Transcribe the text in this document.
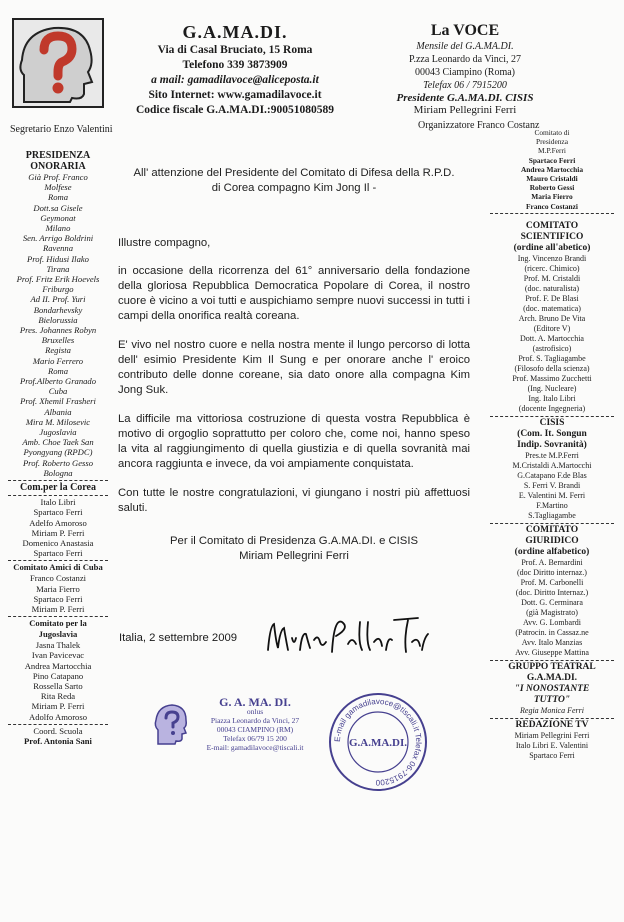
G.A.MA.DI.
Via di Casal Bruciato, 15 Roma
Telefono 339 3873909
a mail: gamadilavoce@aliceposta.it
Sito Internet: www.gamadilavoce.it
Codice fiscale G.A.MA.DI.:90051080589
La VOCE
Mensile del G.A.MA.DI.
P.zza Leonardo da Vinci, 27
00043 Ciampino (Roma)
Telefax 06 / 7915200
Presidente G.A.MA.DI. CISIS
Miriam Pellegrini Ferri
Segretario Enzo Valentini	Organizzatore Franco Costanz
PRESIDENZA
ONORARIA
Già Prof. Franco
Molfese
Roma
Dott.sa Gisele
Geymonat
Milano
Sen. Arrigo Boldrini
Ravenna
Prof. Hidusi Ilako
Tirana
Prof. Fritz Erik Hoevels
Friburgo
Ad II. Prof. Yuri
Bondarhevsky
Bielorussia
Pres. Johannes Robyn
Bruxelles
Regista
Mario Ferrero
Roma
Prof.Alberto Granado
Cuba
Prof. Xhemil Frasheri
Albania
Mira M. Milosevic
Jugoslavia
Amb. Choe Taek San
Pyongyang (RPDC)
Prof. Roberto Gesso
Bologna
Com.per la Corea
Italo Libri
Spartaco Ferri
Adelfo Amoroso
Miriam P. Ferri
Domenico Anastasia
Spartaco Ferri
Comitato Amici di Cuba
Franco Costanzi
Maria Fierro
Spartaco Ferri
Miriam P. Ferri
Comitato per la
Jugoslavia
Jasna Thalek
Ivan Pavicevac
Andrea Martocchia
Pino Catapano
Rossella Sarto
Rita Reda
Miriam P. Ferri
Adolfo Amoroso
Coord. Scuola
Prof. Antonia Sani
Comitato di
Presidenza
M.P.Ferri
Spartaco Ferri
Andrea Martocchia
Mauro Cristaldi
Roberto Gessi
Maria Fierro
Franco Costanzi
COMITATO
SCIENTIFICO
(ordine all'abetico)
Ing. Vincenzo Brandi
(ricerc. Chimico)
Prof. M. Cristaldi
(doc. naturalista)
Prof. F. De Blasi
(doc. matematica)
Arch. Bruno De Vita
(Editore V)
Dott. A. Martocchia
(astrofisico)
Prof. S. Tagliagambe
(Filosofo della scienza)
Prof. Massimo Zucchetti
(Ing. Nucleare)
Ing. Italo Libri
(docente Ingegneria)
CISIS
(Com. It. Songun
Indip. Sovranità)
Pres.te M.P.Ferri
M.Cristaldi A.Martocchi
G.Catapano F.de Blas
S. Ferri V. Brandi
E. Valentini M. Ferri
F.Martino
S.Tagliagambe
COMITATO
GIURIDICO
(ordine alfabetico)
Prof. A. Bernardini
(doc Diritto internaz.)
Prof. M. Carbonelli
(doc. Diritto Internaz.)
Dott. G. Cerminara
(già Magistrato)
Avv. G. Lombardi
(Patrocin. in Cassaz.ne
Avv. Italo Manzias
Avv. Giuseppe Mattina
GRUPPO TEATRAL
G.A.MA.DI.
"I NONOSTANTE
TUTTO"
Regia Monica Ferri
REDAZIONE TV
Miriam Pellegrini Ferri
Italo Libri E. Valentini
Spartaco Ferri
All' attenzione del Presidente del Comitato di Difesa della R.P.D.
di Corea compagno Kim Jong Il -
Illustre compagno,
in occasione della ricorrenza del 61° anniversario della fondazione della gloriosa Repubblica Democratica Popolare di Corea, il nostro cuore è vicino a voi tutti e auspichiamo sempre nuovi successi in tutti i campi della onorifica realtà coreana.
E' vivo nel nostro cuore e nella nostra mente il lungo percorso di lotta dell' esimio Presidente Kim Il Sung e per onorare anche l' eroico contributo delle donne coreane, sia dato onore alla compagna Kim Jong Suk.
La difficile ma vittoriosa costruzione di questa vostra Repubblica è motivo di orgoglio soprattutto per coloro che, come noi, hanno speso la vita al raggiungimento di quella giustizia e di quella sovranità mai ancora raggiunta e invece, da voi ampiamente conquistata.
Con tutte le nostre congratulazioni, vi giungano i nostri più affettuosi saluti.
Per il Comitato di Presidenza G.A.MA.DI. e CISIS
Miriam Pellegrini Ferri
Italia, 2 settembre 2009
G. A. MA. DI.
onlus
Piazza Leonardo da Vinci, 27
00043 CIAMPINO (RM)
Telefax 06/79 15 200
E-mail: gamadilavoce@tiscali.it
E-mail gamadilavoce@tiscali.it Telefax 06-7915200
G.A.MA.DI.
